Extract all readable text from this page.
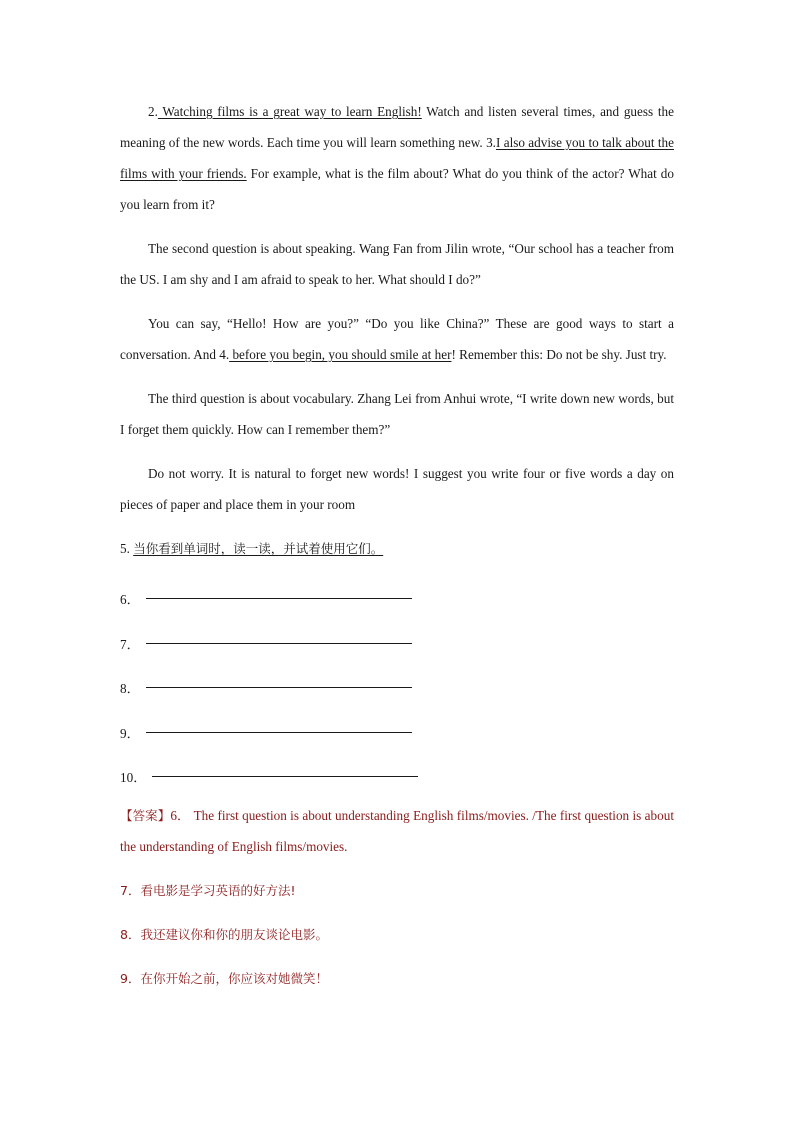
2. Watching films is a great way to learn English! Watch and listen several times, and guess the meaning of the new words. Each time you will learn something new. 3.I also advise you to talk about the films with your friends. For example, what is the film about? What do you think of the actor? What do you learn from it?

The second question is about speaking. Wang Fan from Jilin wrote, “Our school has a teacher from the US. I am shy and I am afraid to speak to her. What should I do?”

You can say, “Hello! How are you?” “Do you like China?” These are good ways to start a conversation. And 4. before you begin, you should smile at her! Remember this: Do not be shy. Just try.

The third question is about vocabulary. Zhang Lei from Anhui wrote, “I write down new words, but I forget them quickly. How can I remember them?”

Do not worry. It is natural to forget new words! I suggest you write four or five words a day on pieces of paper and place them in your room

5. 当你看到单词时，读一读，并试着使用它们。

6．
7．
8．
9．
10．

【答案】6． The first question is about understanding English films/movies. /The first question is about the understanding of English films/movies.

7．看电影是学习英语的好方法!

8．我还建议你和你的朋友谈论电影。

9．在你开始之前，你应该对她微笑！
